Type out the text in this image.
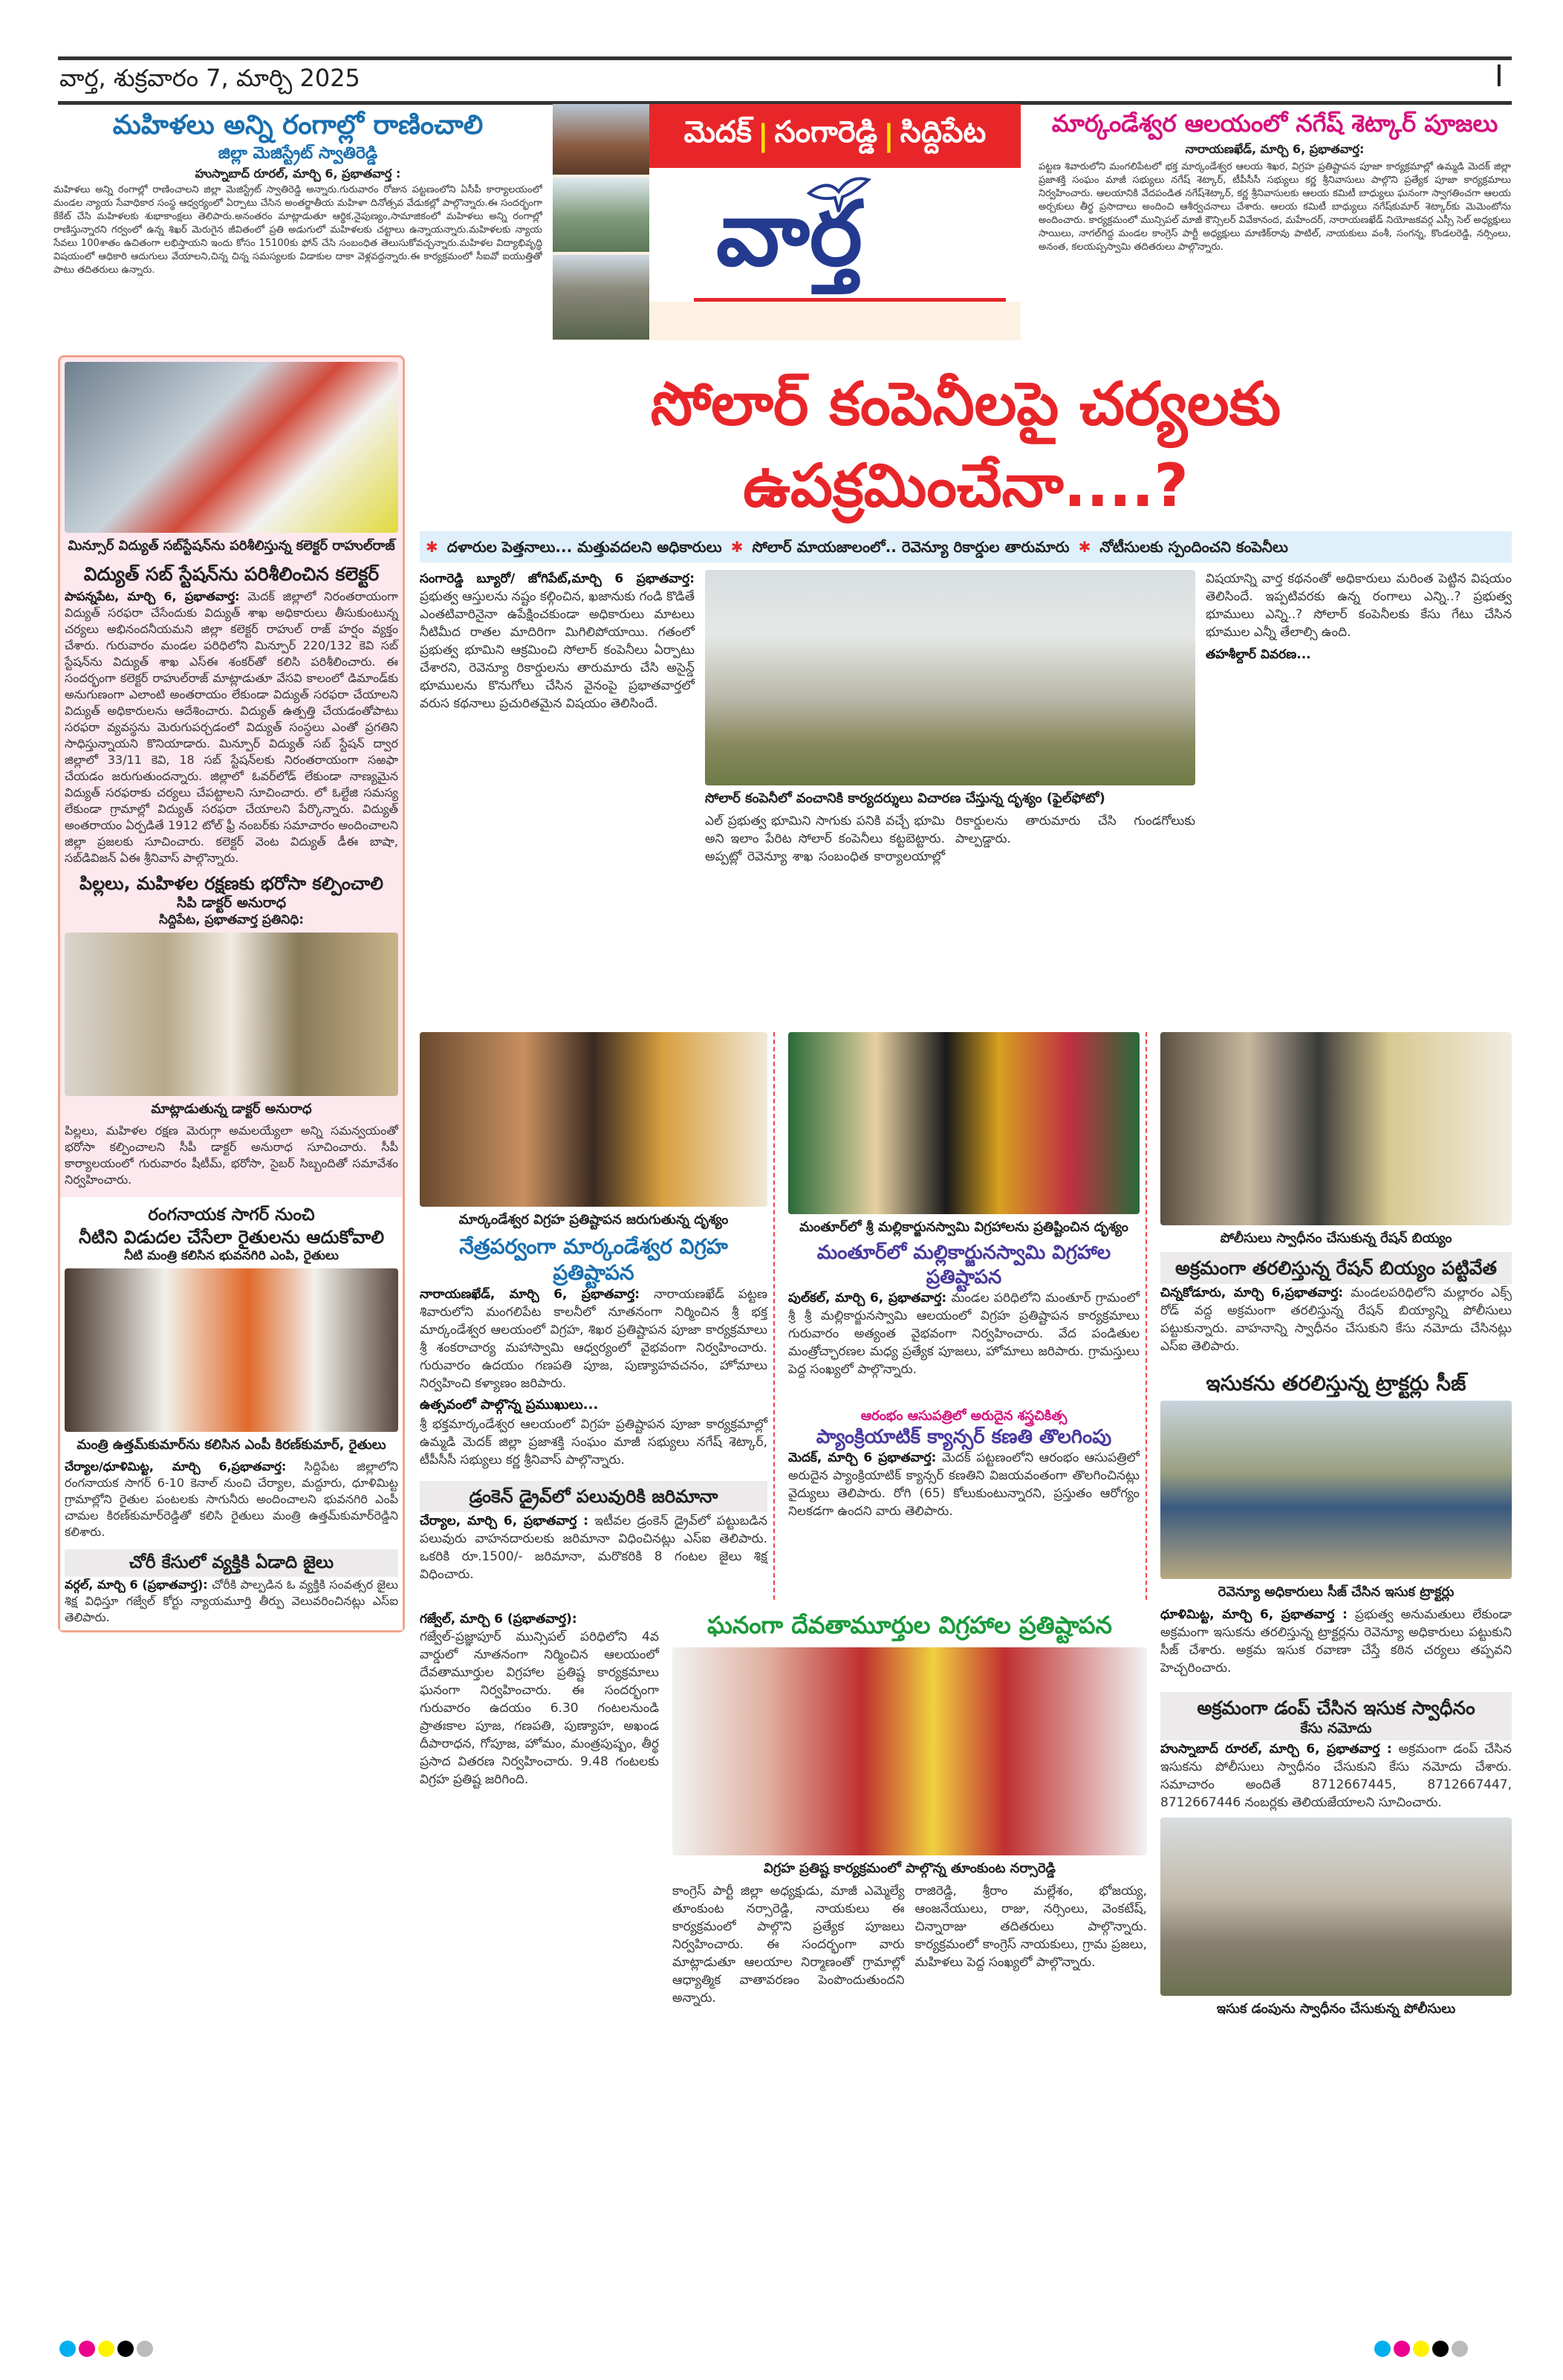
వార్త, శుక్రవారం 7, మార్చి 2025	I
మహిళలు అన్ని రంగాల్లో రాణించాలి
జిల్లా మెజిస్ట్రేట్ స్వాతిరెడ్డి
హుస్నాబాద్ రూరల్, మార్చి 6, ప్రభాతవార్త :
మహిళలు అన్ని రంగాల్లో రాణించాలని జిల్లా మెజిస్ట్రేట్ స్వాతిరెడ్డి అన్నారు.గురువారం రోజున పట్టణంలోని ఏసీపీ కార్యాలయంలో మండల న్యాయ సేవాధికార సంస్థ ఆధ్వర్యంలో ఏర్పాటు చేసిన అంతర్జాతీయ మహిళా దినోత్సవ వేడుకల్లో పాల్గొన్నారు.ఈ సందర్భంగా కేకేట్ చేసి మహిళలకు శుభాకాంక్షలు తెలిపారు.అనంతరం మాట్లాడుతూ ఆర్థిక,నైపుణ్యం,సామాజికంలో మహిళలు అన్ని రంగాల్లో రాణిస్తున్నారని గర్వంలో ఉన్న శిఖర్ మెరుగైన జీవితంలో ప్రతి అడుగులో మహిళలకు చట్టాలు ఉన్నాయన్నారు.మహిళలకు న్యాయ సేవలు 100శాతం ఉచితంగా లభిస్తాయని ఇందు కోసం 15100కు ఫోన్ చేసి సంబంధిత తెలుసుకోవచ్చన్నారు.మహిళల విద్యాభివృద్ధి విషయంలో ఆధికారి ఆదుగులు వేయాలని,చిన్న చిన్న సమస్యలకు విడాకుల దాకా వెళ్లవద్దన్నారు.ఈ కార్యక్రమంలో సీఐవో ఐయుత్తితో పాటు తదితరులు ఉన్నారు.
మెదక్ | సంగారెడ్డి | సిద్దిపేట
వార్త
మార్కండేశ్వర ఆలయంలో నగేష్ శెట్కార్ పూజలు
నారాయణఖేడ్, మార్చి 6, ప్రభాతవార్త:
పట్టణ శివారులోని మంగలిపేటలో భక్త మార్కండేశ్వర ఆలయ శిఖర, విగ్రహ ప్రతిష్టాపన పూజా కార్యక్రమాల్లో ఉమ్మడి మెదక్ జిల్లా ప్రజాశక్తి సంఘం మాజీ సభ్యులు నగేష్ శెట్కార్, టీపీసీసీ సభ్యులు కర్ణ శ్రీనివాసులు పాల్గొని ప్రత్యేక పూజా కార్యక్రమాలు నిర్వహించారు. ఆలయానికి వేదపండిత నగేష్‌శెట్కార్, కర్ణ శ్రీనివాసులకు ఆలయ కమిటీ బాధ్యులు ఘనంగా స్వాగతించగా ఆలయ అర్చకులు తీర్థ ప్రసాదాలు అందించి ఆశీర్వచనాలు చేశారు. ఆలయ కమిటీ బాధ్యులు నగేష్‌కుమార్ శెట్కార్‌కు మెమెంటోను అందించారు. కార్యక్రమంలో మున్సిపల్ మాజీ కౌన్సిలర్ వివేకానంద, మహేందర్, నారాయణఖేడ్ నియోజకవర్గ ఎస్సీ సెల్ అధ్యక్షులు సాయిలు, నాగల్‌గిద్ద మండల కాంగ్రెస్ పార్టీ అధ్యక్షులు మాణిక్‌రావు పాటిల్, నాయకులు వంశీ, సంగన్న, కొండలరెడ్డి, నర్సింలు, అనంత, కలయప్పస్వామి తదితరులు పాల్గొన్నారు.
మిన్సూర్ విద్యుత్ సబ్‌స్టేషన్‌ను పరిశీలిస్తున్న కలెక్టర్ రాహుల్‌రాజ్
విద్యుత్ సబ్ స్టేషన్‌ను పరిశీలించిన కలెక్టర్
పాపన్నపేట, మార్చి 6, ప్రభాతవార్త: మెదక్ జిల్లాలో నిరంతరాయంగా విద్యుత్ సరఫరా చేసేందుకు విద్యుత్ శాఖ అధికారులు తీసుకుంటున్న చర్యలు అభినందనీయమని జిల్లా కలెక్టర్ రాహుల్ రాజ్ హర్షం వ్యక్తం చేశారు. గురువారం మండల పరిధిలోని మిన్పూర్ 220/132 కెవి సబ్ స్టేషన్‌ను విద్యుత్ శాఖ ఎస్ఈ శంకర్‌తో కలిసి పరిశీలించారు. ఈ సందర్భంగా కలెక్టర్ రాహుల్‌రాజ్ మాట్లాడుతూ వేసవి కాలంలో డిమాండ్‌కు అనుగుణంగా ఎలాంటి అంతరాయం లేకుండా విద్యుత్ సరఫరా చేయాలని విద్యుత్ అధికారులను ఆదేశించారు. విద్యుత్ ఉత్పత్తి చేయడంతోపాటు సరఫరా వ్యవస్థను మెరుగుపర్చడంలో విద్యుత్ సంస్థలు ఎంతో ప్రగతిని సాధిస్తున్నాయని కొనియాడారు. మిన్పూర్ విద్యుత్ సబ్ స్టేషన్ ద్వార జిల్లాలో 33/11 కెవి, 18 సబ్ స్టేషన్‌లకు నిరంతరాయంగా సఱఫా చేయడం జరుగుతుందన్నారు. జిల్లాలో ఓవర్‌లోడ్ లేకుండా నాణ్యమైన విద్యుత్ సరఫరాకు చర్యలు చేపట్టాలని సూచించారు. లో ఓల్టేజి సమస్య లేకుండా గ్రామాల్లో విద్యుత్ సరఫరా చేయాలని పేర్కొన్నారు. విద్యుత్ అంతరాయం ఏర్పడితే 1912 టోల్ ఫ్రీ నంబర్‌కు సమాచారం అందించాలని జిల్లా ప్రజలకు సూచించారు. కలెక్టర్ వెంట విద్యుత్ డీఈ బాషా, సబ్‌డివిజన్ ఏఈ శ్రీనివాస్ పాల్గొన్నారు.
పిల్లలు, మహిళల రక్షణకు భరోసా కల్పించాలి
సిపి డాక్టర్ అనురాధ
సిద్దిపేట, ప్రభాతవార్త ప్రతినిధి:
మాట్లాడుతున్న డాక్టర్ అనురాధ
పిల్లలు, మహిళల రక్షణ మెరుగ్గా అమలయ్యేలా అన్ని సమన్వయంతో భరోసా కల్పించాలని సీపీ డాక్టర్ అనురాధ సూచించారు. సీపీ కార్యాలయంలో గురువారం షీటీమ్, భరోసా, సైబర్ సిబ్బందితో సమావేశం నిర్వహించారు.
రంగనాయక సాగర్ నుంచి
నీటిని విడుదల చేసేలా రైతులను ఆదుకోవాలి
నీటి మంత్రి కలిసిన భువనగిరి ఎంపి, రైతులు
మంత్రి ఉత్తమ్‌కుమార్‌ను కలిసిన ఎంపీ కిరణ్‌కుమార్, రైతులు
చేర్యాల/ధూళిమిట్ట, మార్చి 6,ప్రభాతవార్త: సిద్దిపేట జిల్లాలోని రంగనాయక సాగర్ 6-10 కెనాల్ నుంచి చేర్యాల, మద్దూరు, ధూళిమిట్ట గ్రామాల్లోని రైతుల పంటలకు సాగునీరు అందించాలని భువనగిరి ఎంపీ చామల కిరణ్‌కుమార్‌రెడ్డితో కలిసి రైతులు మంత్రి ఉత్తమ్‌కుమార్‌రెడ్డిని కలిశారు.
చోరీ కేసులో వ్యక్తికి ఏడాది జైలు
వర్గల్, మార్చి 6 (ప్రభాతవార్త): చోరీకి పాల్పడిన ఓ వ్యక్తికి సంవత్సర జైలు శిక్ష విధిస్తూ గజ్వేల్ కోర్టు న్యాయమూర్తి తీర్పు వెలువరించినట్లు ఎస్ఐ తెలిపారు.
సోలార్ కంపెనీలపై చర్యలకు ఉపక్రమించేనా....?
✱ దళారుల పెత్తనాలు... మత్తువదలని అధికారులు ✱ సోలార్ మాయజాలంలో.. రెవెన్యూ రికార్డుల తారుమారు ✱ నోటీసులకు స్పందించని కంపెనీలు
సంగారెడ్డి బ్యూరో/ జోగిపేట్,మార్చి 6 ప్రభాతవార్త: ప్రభుత్వ ఆస్తులను నష్టం కల్గించిన, ఖజానుకు గండి కొడితే ఎంతటివారినైనా ఉపేక్షించకుండా అధికారులు మాటలు నీటిమీద రాతల మాదిరిగా మిగిలిపోయాయి. గతంలో ప్రభుత్వ భూమిని ఆక్రమించి సోలార్ కంపెనీలు ఏర్పాటు చేశారని, రెవెన్యూ రికార్డులను తారుమారు చేసి అసైన్డ్ భూములను కొనుగోలు చేసిన వైనంపై ప్రభాతవార్తలో వరుస కథనాలు ప్రచురితమైన విషయం తెలిసిందే.
సోలార్ కంపెనీలో వంచానికి కార్యదర్శులు విచారణ చేస్తున్న దృశ్యం (ఫైల్‌ఫోటో)
ఎల్ ప్రభుత్వ భూమిని సాగుకు పనికి వచ్చే భూమి అని ఇలాం పేరిట సోలార్ కంపెనీలు కట్టబెట్టారు. అప్పట్లో రెవెన్యూ శాఖ సంబంధిత కార్యాలయాల్లో రికార్డులను తారుమారు చేసి గుండగోలుకు పాల్పడ్డారు.
విషయాన్ని వార్త కథనంతో అధికారులు మరింత పెట్టిన విషయం తెలిసిందే. ఇప్పటివరకు ఉన్న రంగాలు ఎన్ని..? ప్రభుత్వ భూములు ఎన్ని..? సోలార్ కంపెనీలకు కేసు గేటు చేసిన భూముల ఎన్నీ తేలాల్సి ఉంది.
తహశీల్దార్ వివరణ...
మార్కండేశ్వర విగ్రహ ప్రతిష్టాపన జరుగుతున్న దృశ్యం
నేత్రపర్వంగా మార్కండేశ్వర విగ్రహ ప్రతిష్టాపన
నారాయణఖేడ్, మార్చి 6, ప్రభాతవార్త: నారాయణఖేడ్ పట్టణ శివారులోని మంగలిపేట కాలనీలో నూతనంగా నిర్మించిన శ్రీ భక్త మార్కండేశ్వర ఆలయంలో విగ్రహ, శిఖర ప్రతిష్టాపన పూజా కార్యక్రమాలు శ్రీ శంకరాచార్య మహాస్వామి ఆధ్వర్యంలో వైభవంగా నిర్వహించారు. గురువారం ఉదయం గణపతి పూజ, పుణ్యాహవచనం, హోమాలు నిర్వహించి కళ్యాణం జరిపారు.
ఉత్సవంలో పాల్గొన్న ప్రముఖులు...
శ్రీ భక్తమార్కండేశ్వర ఆలయంలో విగ్రహ ప్రతిష్టాపన పూజా కార్యక్రమాల్లో ఉమ్మడి మెదక్ జిల్లా ప్రజాశక్తి సంఘం మాజీ సభ్యులు నగేష్ శెట్కార్, టీపీసీసీ సభ్యులు కర్ణ శ్రీనివాస్ పాల్గొన్నారు.
డ్రంకెన్ డ్రైవ్‌లో పలువురికి జరిమానా
చేర్యాల, మార్చి 6, ప్రభాతవార్త : ఇటీవల డ్రంకెన్ డ్రైవ్‌లో పట్టుబడిన పలువురు వాహనదారులకు జరిమానా విధించినట్లు ఎస్ఐ తెలిపారు. ఒకరికి రూ.1500/- జరిమానా, మరొకరికి 8 గంటల జైలు శిక్ష విధించారు.
మంతూర్‌లో శ్రీ మల్లికార్జునస్వామి విగ్రహాలను ప్రతిష్టించిన దృశ్యం
మంతూర్‌లో మల్లికార్జునస్వామి విగ్రహాల ప్రతిష్టాపన
పుల్‌కల్, మార్చి 6, ప్రభాతవార్త: మండల పరిధిలోని మంతూర్ గ్రామంలో శ్రీ శ్రీ మల్లికార్జునస్వామి ఆలయంలో విగ్రహ ప్రతిష్టాపన కార్యక్రమాలు గురువారం అత్యంత వైభవంగా నిర్వహించారు. వేద పండితుల మంత్రోచ్ఛారణల మధ్య ప్రత్యేక పూజలు, హోమాలు జరిపారు. గ్రామస్తులు పెద్ద సంఖ్యలో పాల్గొన్నారు.
ఆరంభం ఆసుపత్రిలో అరుదైన శస్త్రచికిత్స
ప్యాంక్రియాటిక్ క్యాన్సర్ కణతి తొలగింపు
మెదక్, మార్చి 6 ప్రభాతవార్త: మెదక్ పట్టణంలోని ఆరంభం ఆసుపత్రిలో అరుదైన ప్యాంక్రియాటిక్ క్యాన్సర్ కణతిని విజయవంతంగా తొలగించినట్లు వైద్యులు తెలిపారు. రోగి (65) కోలుకుంటున్నారని, ప్రస్తుతం ఆరోగ్యం నిలకడగా ఉందని వారు తెలిపారు.
పోలీసులు స్వాధీనం చేసుకున్న రేషన్ బియ్యం
అక్రమంగా తరలిస్తున్న రేషన్ బియ్యం పట్టివేత
చిన్నకోడూరు, మార్చి 6,ప్రభాతవార్త: మండలపరిధిలోని మల్లారం ఎక్స్ రోడ్ వద్ద అక్రమంగా తరలిస్తున్న రేషన్ బియ్యాన్ని పోలీసులు పట్టుకున్నారు. వాహనాన్ని స్వాధీనం చేసుకుని కేసు నమోదు చేసినట్లు ఎస్ఐ తెలిపారు.
ఇసుకను తరలిస్తున్న ట్రాక్టర్లు సీజ్
రెవెన్యూ అధికారులు సీజ్ చేసిన ఇసుక ట్రాక్టర్లు
ధూళిమిట్ట, మార్చి 6, ప్రభాతవార్త : ప్రభుత్వ అనుమతులు లేకుండా అక్రమంగా ఇసుకను తరలిస్తున్న ట్రాక్టర్లను రెవెన్యూ అధికారులు పట్టుకుని సీజ్ చేశారు. అక్రమ ఇసుక రవాణా చేస్తే కఠిన చర్యలు తప్పవని హెచ్చరించారు.
అక్రమంగా డంప్ చేసిన ఇసుక స్వాధీనం
కేసు నమోదు
హుస్నాబాద్ రూరల్, మార్చి 6, ప్రభాతవార్త : అక్రమంగా డంప్ చేసిన ఇసుకను పోలీసులు స్వాధీనం చేసుకుని కేసు నమోదు చేశారు. సమాచారం అందితే 8712667445, 8712667447, 8712667446 నంబర్లకు తెలియజేయాలని సూచించారు.
ఇసుక డంపును స్వాధీనం చేసుకున్న పోలీసులు
గజ్వేల్, మార్చి 6 (ప్రభాతవార్త):
గజ్వేల్-ప్రజ్ఞాపూర్ మున్సిపల్ పరిధిలోని 4వ వార్డులో నూతనంగా నిర్మించిన ఆలయంలో దేవతామూర్తుల విగ్రహాల ప్రతిష్ట కార్యక్రమాలు ఘనంగా నిర్వహించారు. ఈ సందర్భంగా గురువారం ఉదయం 6.30 గంటలనుండి ప్రాతఃకాల పూజ, గణపతి, పుణ్యాహ, అఖండ దీపారాధన, గోపూజ, హోమం, మంత్రపుష్పం, తీర్థ ప్రసాద వితరణ నిర్వహించారు. 9.48 గంటలకు విగ్రహ ప్రతిష్ట జరిగింది.
ఘనంగా దేవతామూర్తుల విగ్రహాల ప్రతిష్టాపన
విగ్రహ ప్రతిష్ట కార్యక్రమంలో పాల్గొన్న తూంకుంట నర్సారెడ్డి
కాంగ్రెస్ పార్టీ జిల్లా అధ్యక్షుడు, మాజీ ఎమ్మెల్యే తూంకుంట నర్సారెడ్డి, నాయకులు ఈ కార్యక్రమంలో పాల్గొని ప్రత్యేక పూజలు నిర్వహించారు. ఈ సందర్భంగా వారు మాట్లాడుతూ ఆలయాల నిర్మాణంతో గ్రామాల్లో ఆధ్యాత్మిక వాతావరణం పెంపొందుతుందని అన్నారు.
రాజిరెడ్డి, శ్రీరాం మల్లేశం, భోజయ్య, ఆంజనేయులు, రాజు, నర్సింలు, వెంకటేష్, చిన్నారాజు తదితరులు పాల్గొన్నారు. కార్యక్రమంలో కాంగ్రెస్ నాయకులు, గ్రామ ప్రజలు, మహిళలు పెద్ద సంఖ్యలో పాల్గొన్నారు.
